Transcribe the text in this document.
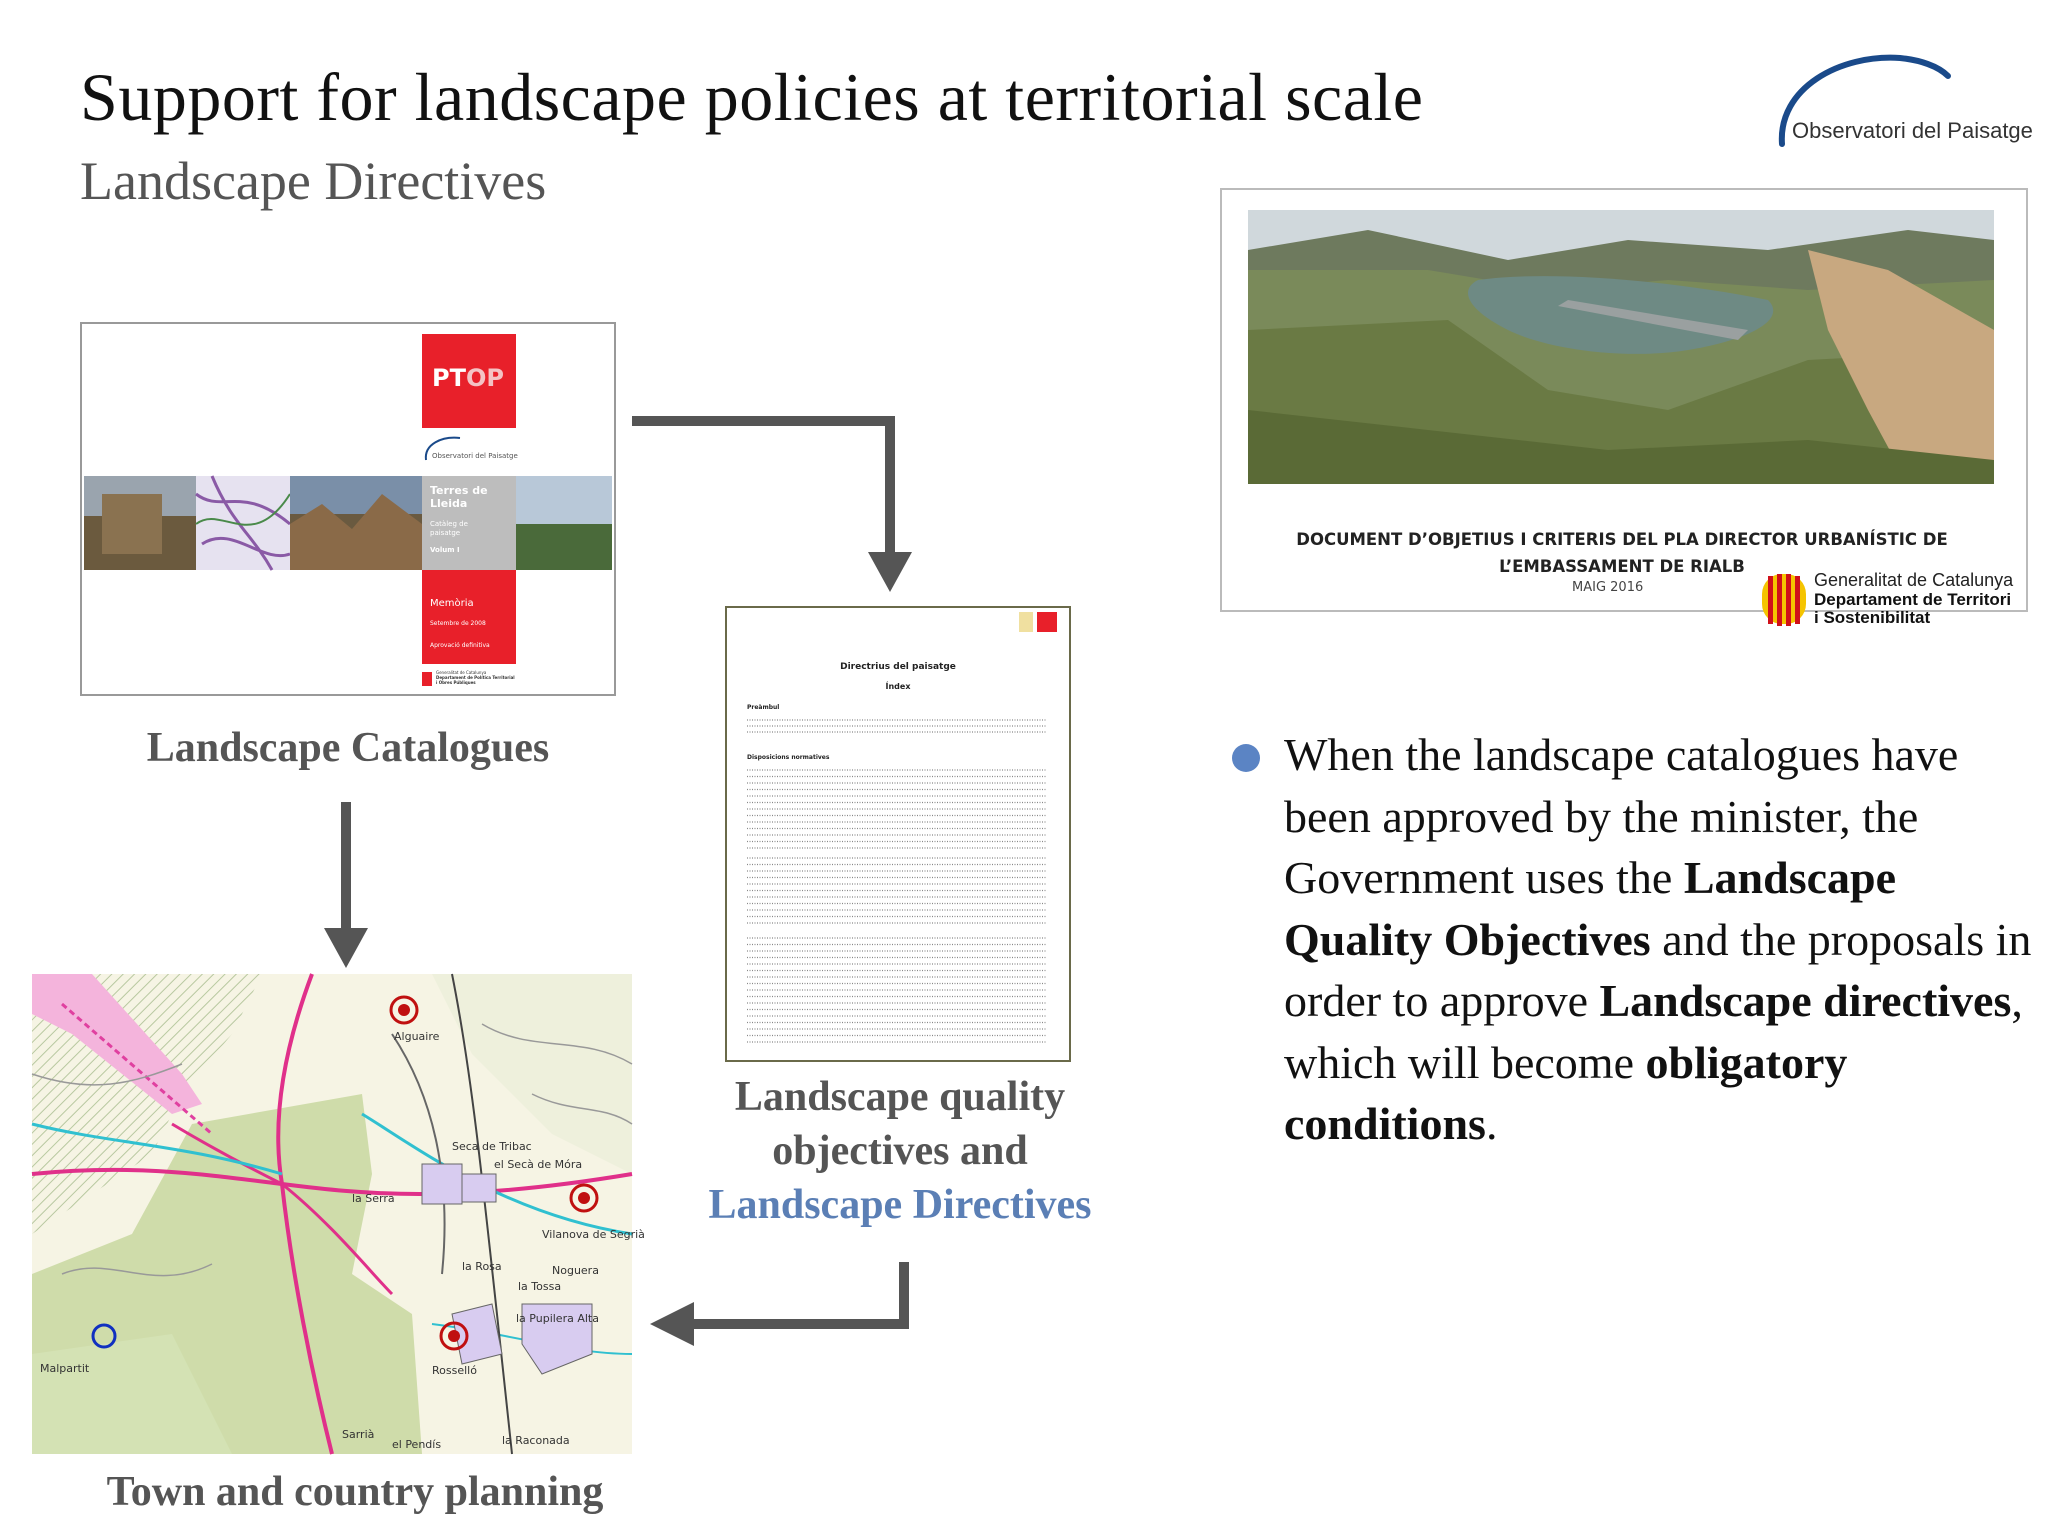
Support for landscape policies at territorial scale
Landscape Directives
Observatori del Paisatge
PTOP
Observatori del Paisatge
Terres de Lleida
Catàleg de paisatge
Volum I
Memòria
Setembre de 2008
Aprovació definitiva
Generalitat de Catalunya
Departament de Política Territorial
i Obres Públiques
Landscape Catalogues
Directrius del paisatge
Índex
Preàmbul
Disposicions normatives
Landscape quality
objectives and
Landscape Directives
Alguaire
Seca de Tribac
el Secà de Móra
la Serra
Vilanova de Segrià
Noguera
la Rosa
la Tossa
la Pupilera Alta
Rosselló
Malpartit
Sarrià
el Pendís	la Raconada
Town and country planning
DOCUMENT D’OBJETIUS I CRITERIS DEL PLA DIRECTOR URBANÍSTIC DE
L’EMBASSAMENT DE RIALB
MAIG 2016	Generalitat de Catalunya
Departament de Territori
i Sostenibilitat
When the landscape catalogues have been approved by the minister, the Government uses the Landscape Quality Objectives and the proposals in order to approve Landscape directives, which will become obligatory conditions.
